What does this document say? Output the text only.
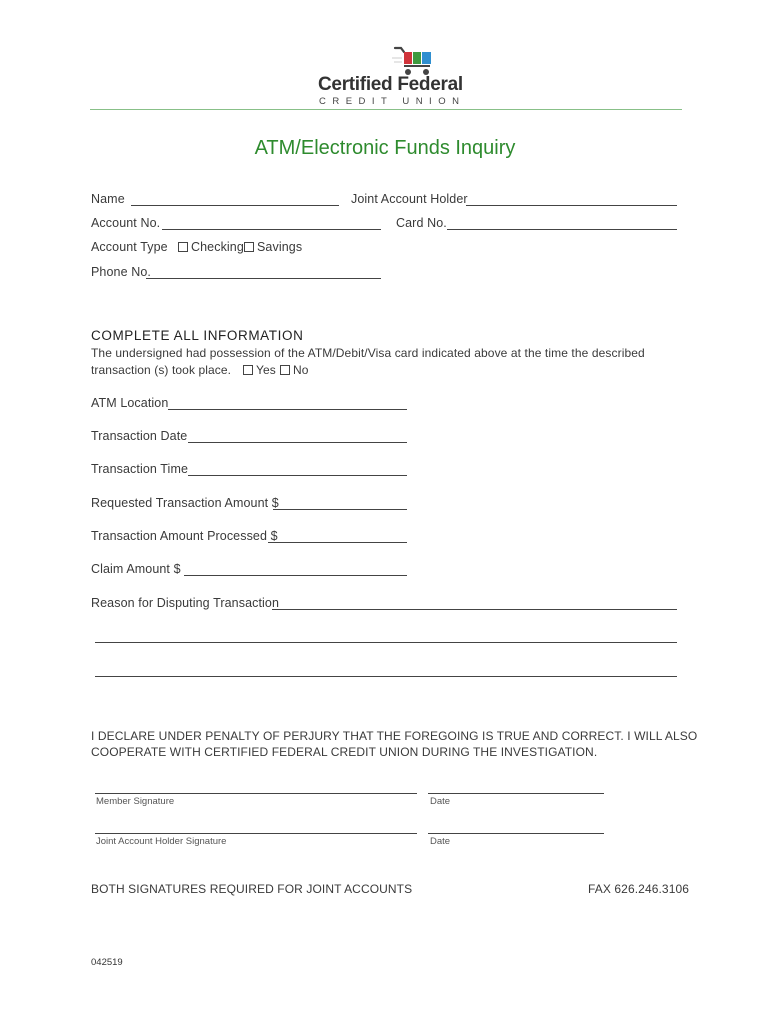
Certified Federal
CREDIT UNION
ATM/Electronic Funds Inquiry
Name	Joint Account Holder
Account No.	Card No.
Account Type	Checking	Savings
Phone No.
COMPLETE ALL INFORMATION
The undersigned had possession of the ATM/Debit/Visa card indicated above at the time the described
transaction (s) took place.	Yes	No
ATM Location
Transaction Date
Transaction Time
Requested Transaction Amount $
Transaction Amount Processed $
Claim Amount $
Reason for Disputing Transaction
I DECLARE UNDER PENALTY OF PERJURY THAT THE FOREGOING IS TRUE AND CORRECT. I WILL ALSO
COOPERATE WITH CERTIFIED FEDERAL CREDIT UNION DURING THE INVESTIGATION.
Member Signature	Date
Joint Account Holder Signature	Date
BOTH SIGNATURES REQUIRED FOR JOINT ACCOUNTS	FAX 626.246.3106
042519
